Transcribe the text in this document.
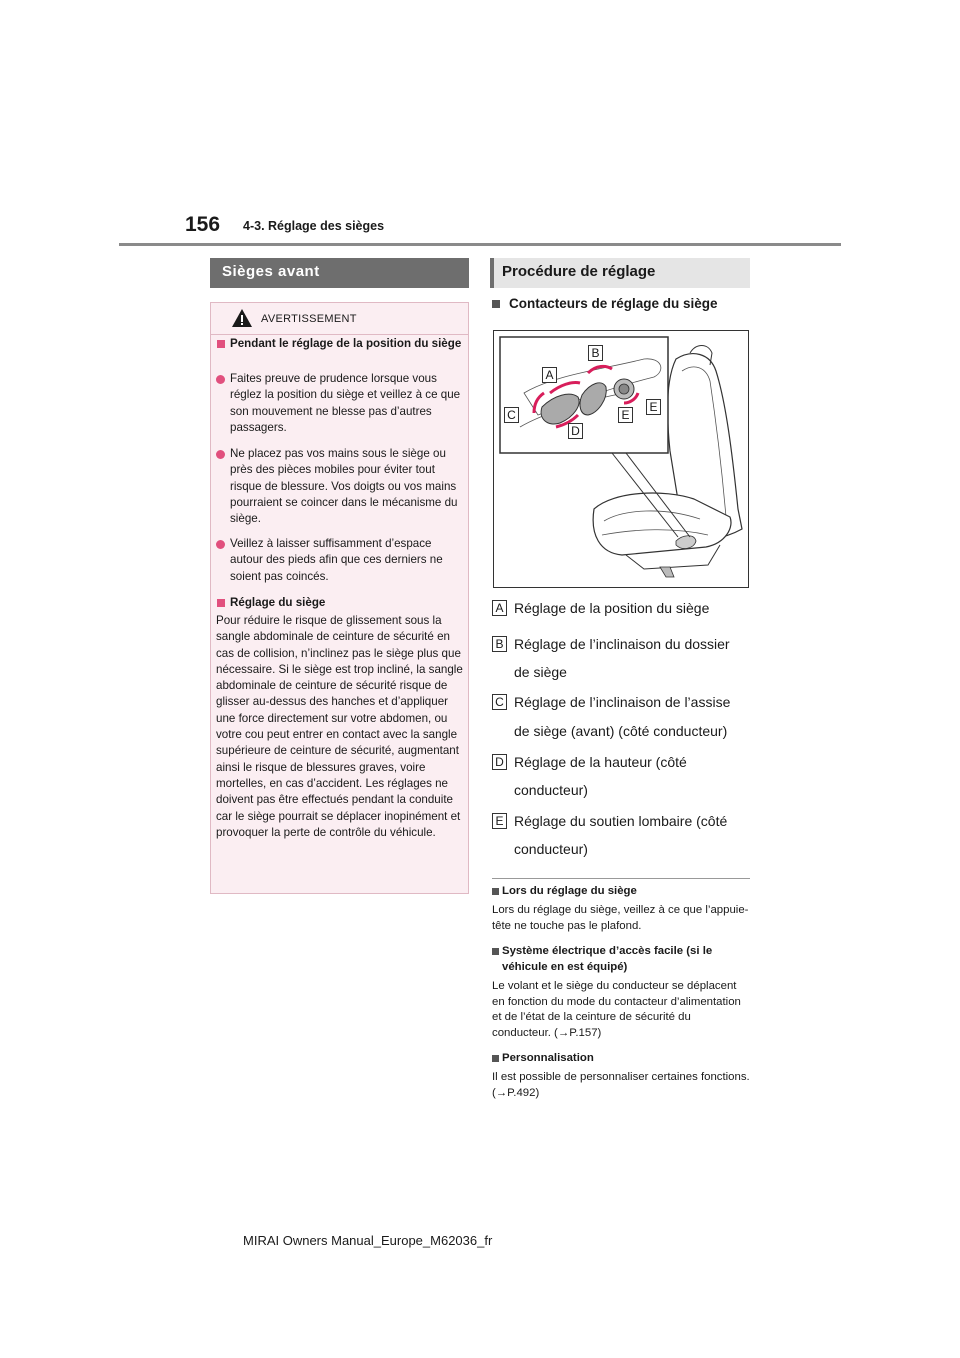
156 4-3. Réglage des sièges
Sièges avant
AVERTISSEMENT
Pendant le réglage de la position du siège
Faites preuve de prudence lorsque vous réglez la position du siège et veillez à ce que son mouvement ne blesse pas d’autres passagers.
Ne placez pas vos mains sous le siège ou près des pièces mobiles pour éviter tout risque de blessure. Vos doigts ou vos mains pourraient se coincer dans le mécanisme du siège.
Veillez à laisser suffisamment d’espace autour des pieds afin que ces derniers ne soient pas coincés.
Réglage du siège
Pour réduire le risque de glissement sous la sangle abdominale de ceinture de sécurité en cas de collision, n’inclinez pas le siège plus que nécessaire. Si le siège est trop incliné, la sangle abdominale de ceinture de sécurité risque de glisser au-dessus des hanches et d’appliquer une force directement sur votre abdomen, ou votre cou peut entrer en contact avec la sangle supérieure de ceinture de sécurité, augmentant ainsi le risque de blessures graves, voire mortelles, en cas d’accident. Les réglages ne doivent pas être effectués pendant la conduite car le siège pourrait se déplacer inopinément et provoquer la perte de contrôle du véhicule.
Procédure de réglage
Contacteurs de réglage du siège
A
B
C
D
E
E
A Réglage de la position du siège
B Réglage de l’inclinaison du dossier
de siège
C Réglage de l’inclinaison de l’assise
de siège (avant) (côté conducteur)
D Réglage de la hauteur (côté
conducteur)
E Réglage du soutien lombaire (côté
conducteur)
Lors du réglage du siège
Lors du réglage du siège, veillez à ce que l’appuie-tête ne touche pas le plafond.
Système électrique d’accès facile (si le véhicule en est équipé)
Le volant et le siège du conducteur se déplacent en fonction du mode du contacteur d’alimentation et de l’état de la ceinture de sécurité du conducteur. (→P.157)
Personnalisation
Il est possible de personnaliser certaines fonctions. (→P.492)
MIRAI Owners Manual_Europe_M62036_fr
